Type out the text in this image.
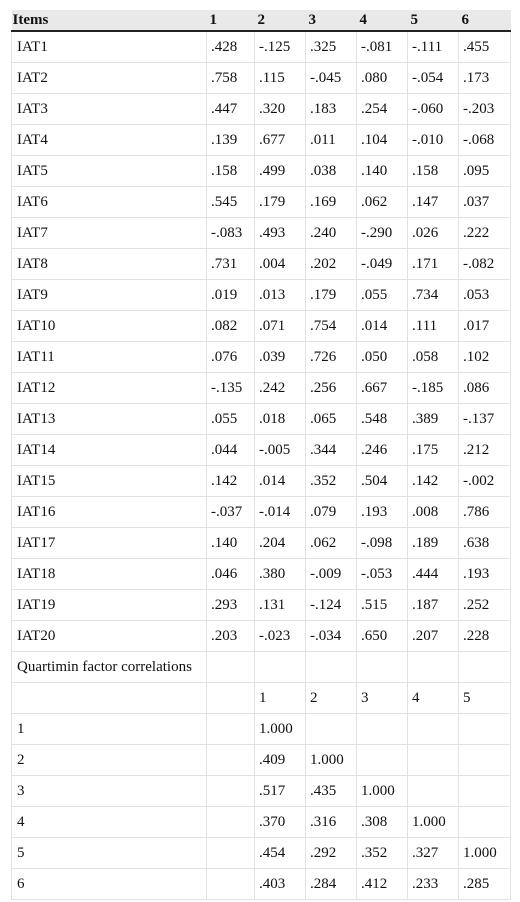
Items	1	2	3	4	5	6
IAT1	.428	-.125	.325	-.081	-.111	.455
IAT2	.758	.115	-.045	.080	-.054	.173
IAT3	.447	.320	.183	.254	-.060	-.203
IAT4	.139	.677	.011	.104	-.010	-.068
IAT5	.158	.499	.038	.140	.158	.095
IAT6	.545	.179	.169	.062	.147	.037
IAT7	-.083	.493	.240	-.290	.026	.222
IAT8	.731	.004	.202	-.049	.171	-.082
IAT9	.019	.013	.179	.055	.734	.053
IAT10	.082	.071	.754	.014	.111	.017
IAT11	.076	.039	.726	.050	.058	.102
IAT12	-.135	.242	.256	.667	-.185	.086
IAT13	.055	.018	.065	.548	.389	-.137
IAT14	.044	-.005	.344	.246	.175	.212
IAT15	.142	.014	.352	.504	.142	-.002
IAT16	-.037	-.014	.079	.193	.008	.786
IAT17	.140	.204	.062	-.098	.189	.638
IAT18	.046	.380	-.009	-.053	.444	.193
IAT19	.293	.131	-.124	.515	.187	.252
IAT20	.203	-.023	-.034	.650	.207	.228
Quartimin factor correlations						
		1	2	3	4	5
1		1.000				
2		.409	1.000			
3		.517	.435	1.000		
4		.370	.316	.308	1.000	
5		.454	.292	.352	.327	1.000
6		.403	.284	.412	.233	.285
